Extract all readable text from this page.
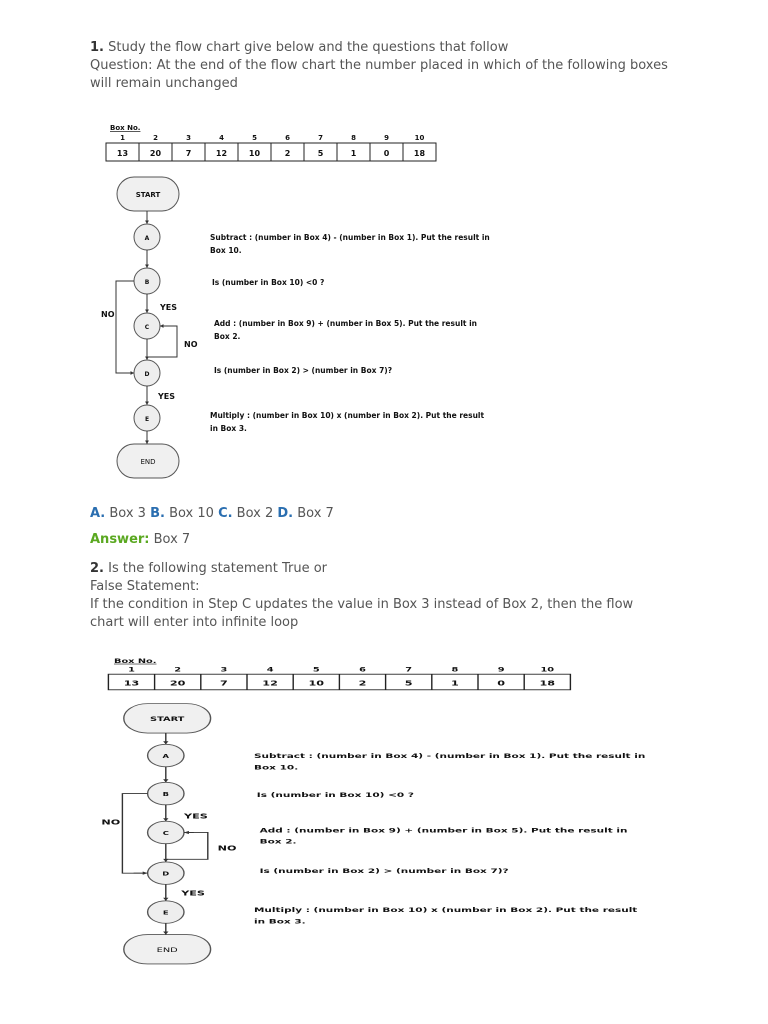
1. Study the flow chart give below and the questions that follow
Question: At the end of the flow chart the number placed in which of the following boxes
will remain unchanged
Box No.
1	2	3	4	5	6	7	8	9	10
13	20	7	12	10	2	5	1	0	18
START
A
B
C
D
E
END
NO
YES
NO
YES
Subtract : (number in Box 4) - (number in Box 1). Put the result in
Box 10.
Is (number in Box 10) <0 ?
Add : (number in Box 9) + (number in Box 5). Put the result in
Box 2.
Is (number in Box 2) > (number in Box 7)?
Multiply : (number in Box 10) x (number in Box 2). Put the result
in Box 3.
A. Box 3 B. Box 10 C. Box 2 D. Box 7
Answer: Box 7
2. Is the following statement True or
False Statement:
If the condition in Step C updates the value in Box 3 instead of Box 2, then the flow
chart will enter into infinite loop
Box No.
1	2	3	4	5	6	7	8	9	10
13	20	7	12	10	2	5	1	0	18
START
A
B
C
D
E
END
NO
YES
NO
YES
Subtract : (number in Box 4) - (number in Box 1). Put the result in
Box 10.
Is (number in Box 10) <0 ?
Add : (number in Box 9) + (number in Box 5). Put the result in
Box 2.
Is (number in Box 2) > (number in Box 7)?
Multiply : (number in Box 10) x (number in Box 2). Put the result
in Box 3.
